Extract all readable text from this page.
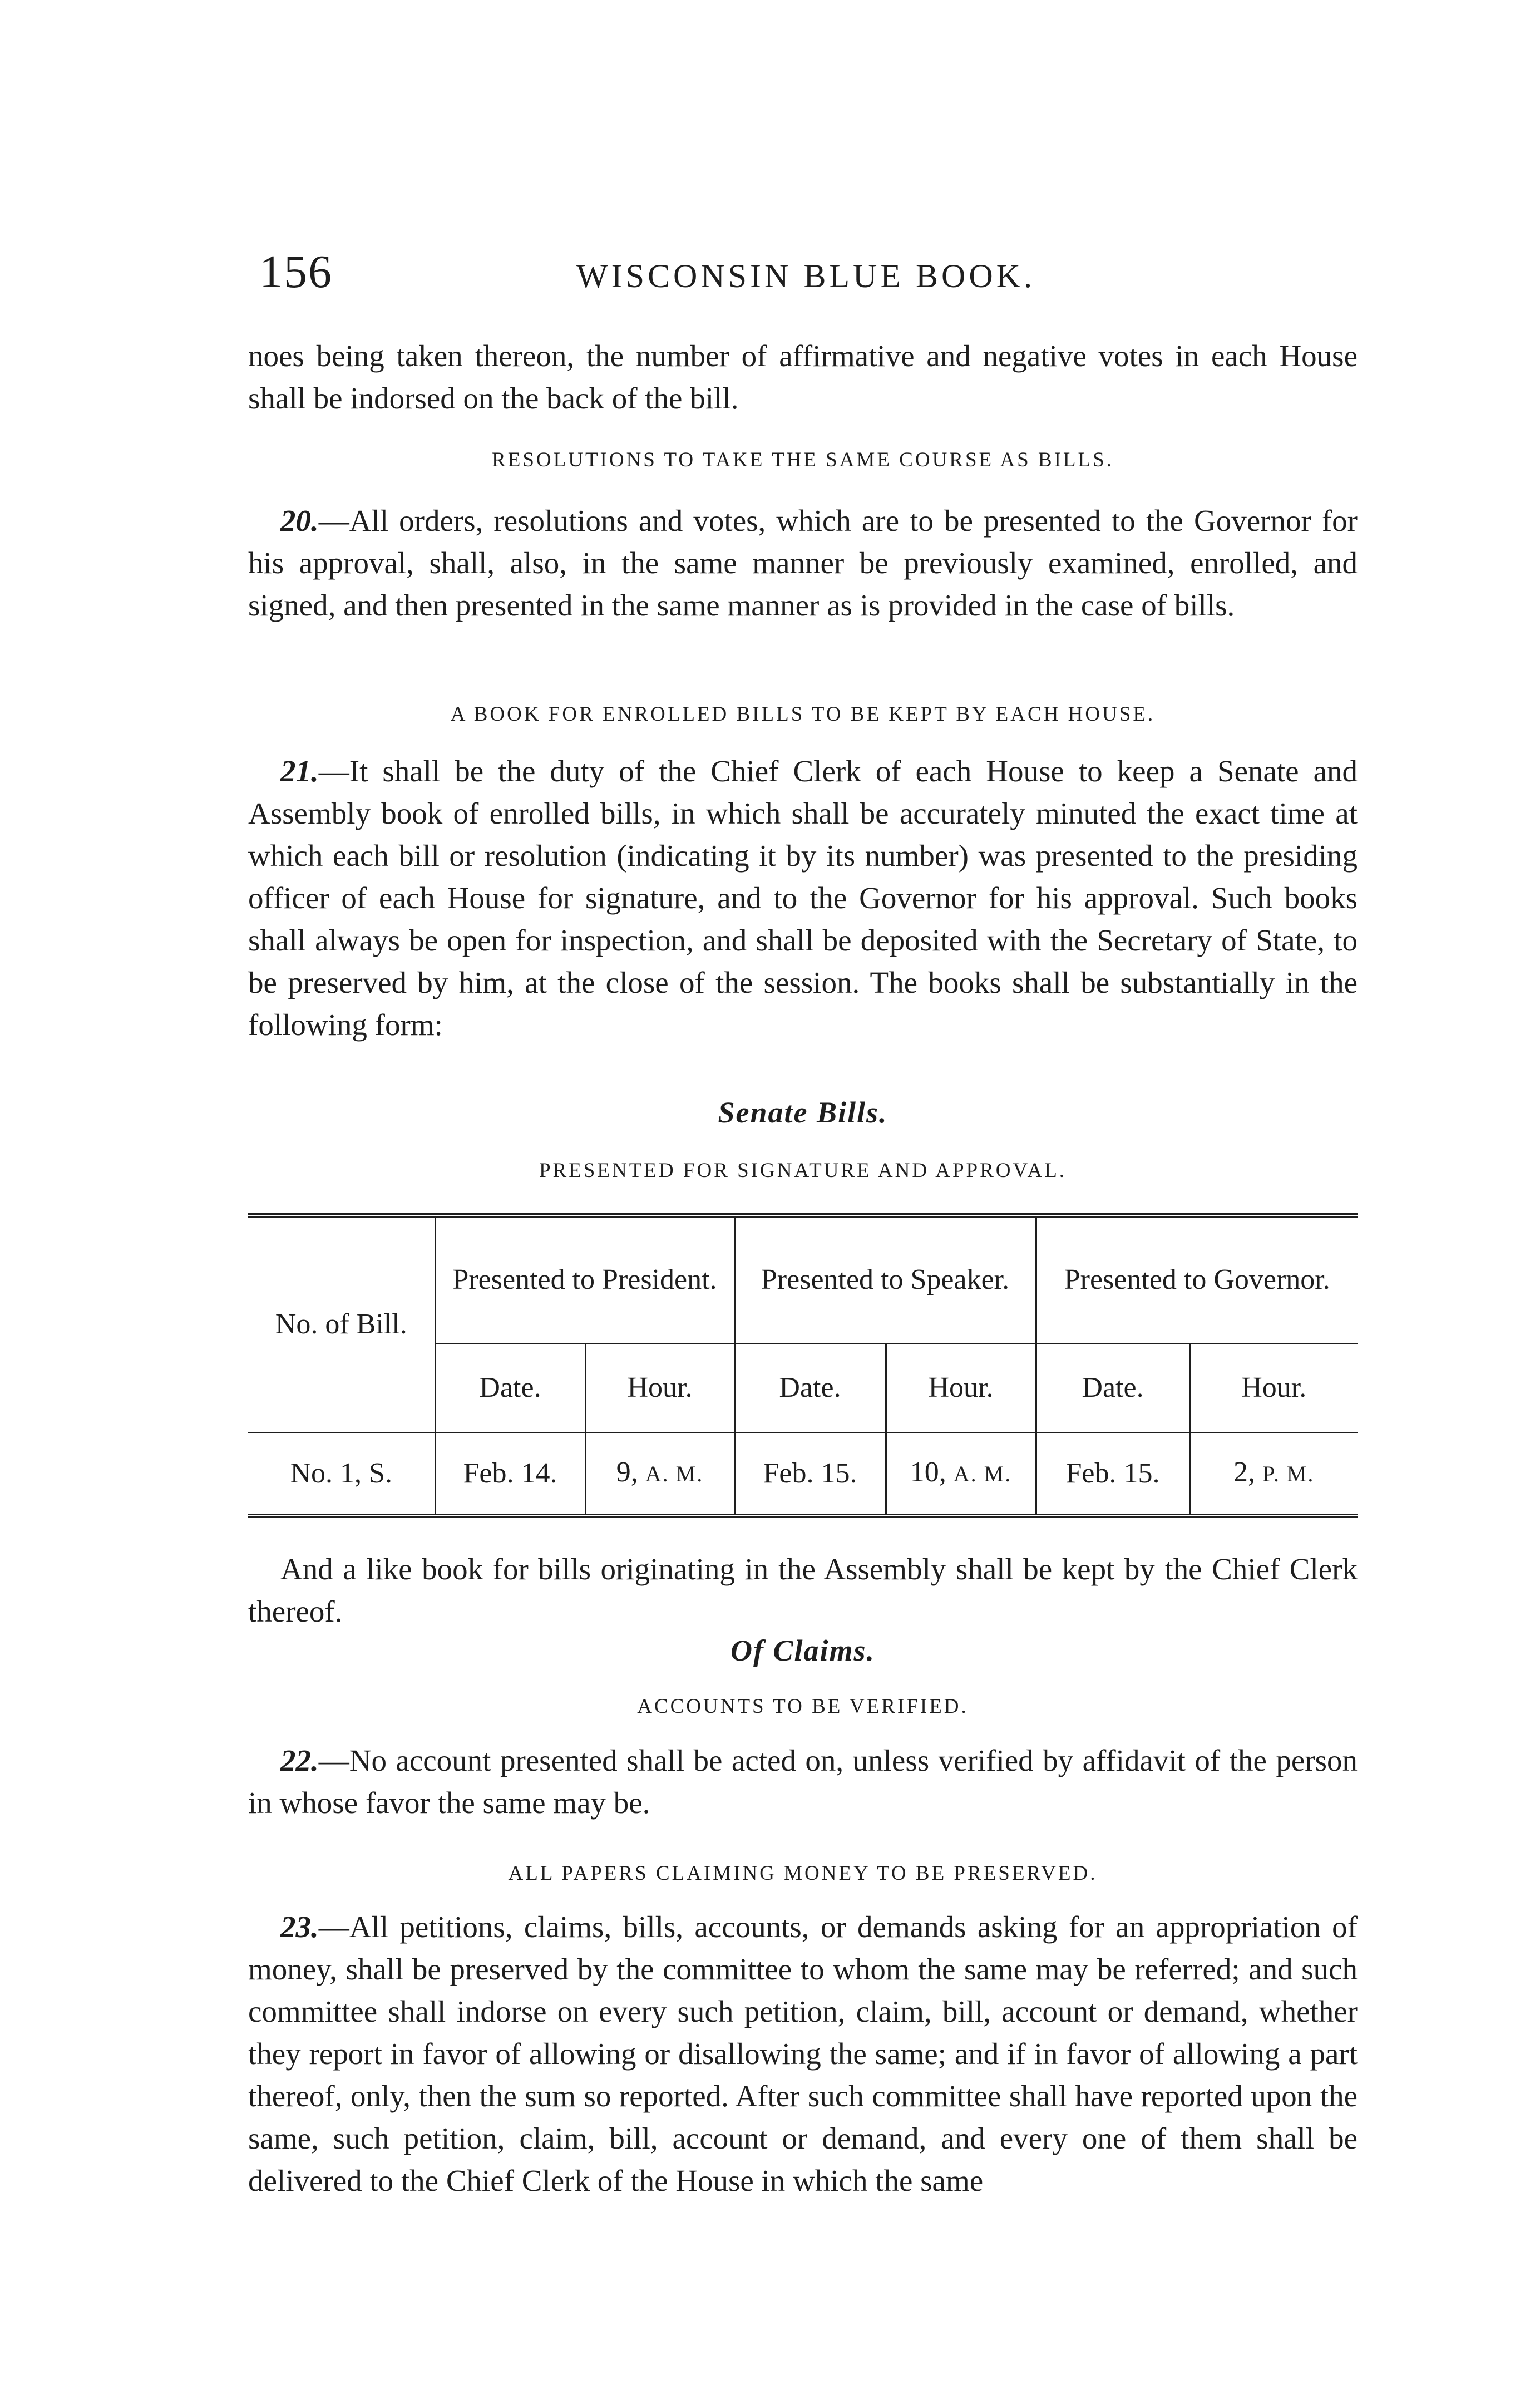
156	WISCONSIN BLUE BOOK.

noes being taken thereon, the number of affirmative and negative votes in each House shall be indorsed on the back of the bill.

RESOLUTIONS TO TAKE THE SAME COURSE AS BILLS.

20.—All orders, resolutions and votes, which are to be presented to the Governor for his approval, shall, also, in the same manner be previously examined, enrolled, and signed, and then presented in the same manner as is provided in the case of bills.

A BOOK FOR ENROLLED BILLS TO BE KEPT BY EACH HOUSE.

21.—It shall be the duty of the Chief Clerk of each House to keep a Senate and Assembly book of enrolled bills, in which shall be accurately minuted the exact time at which each bill or resolution (indicating it by its number) was presented to the presiding officer of each House for signature, and to the Governor for his approval. Such books shall always be open for inspection, and shall be deposited with the Secretary of State, to be preserved by him, at the close of the session. The books shall be substantially in the following form:

Senate Bills.

PRESENTED FOR SIGNATURE AND APPROVAL.

No. of Bill.	Presented to President.		Presented to Speaker.		Presented to Governor.	
	Date.	Hour.	Date.	Hour.	Date.	Hour.
No. 1, S.	Feb. 14.	9, A. M.	Feb. 15.	10, A. M.	Feb. 15.	2, P. M.

And a like book for bills originating in the Assembly shall be kept by the Chief Clerk thereof.

Of Claims.

ACCOUNTS TO BE VERIFIED.

22.—No account presented shall be acted on, unless verified by affidavit of the person in whose favor the same may be.

ALL PAPERS CLAIMING MONEY TO BE PRESERVED.

23.—All petitions, claims, bills, accounts, or demands asking for an appropriation of money, shall be preserved by the committee to whom the same may be referred; and such committee shall indorse on every such petition, claim, bill, account or demand, whether they report in favor of allowing or disallowing the same; and if in favor of allowing a part thereof, only, then the sum so reported. After such committee shall have reported upon the same, such petition, claim, bill, account or demand, and every one of them shall be delivered to the Chief Clerk of the House in which the same
